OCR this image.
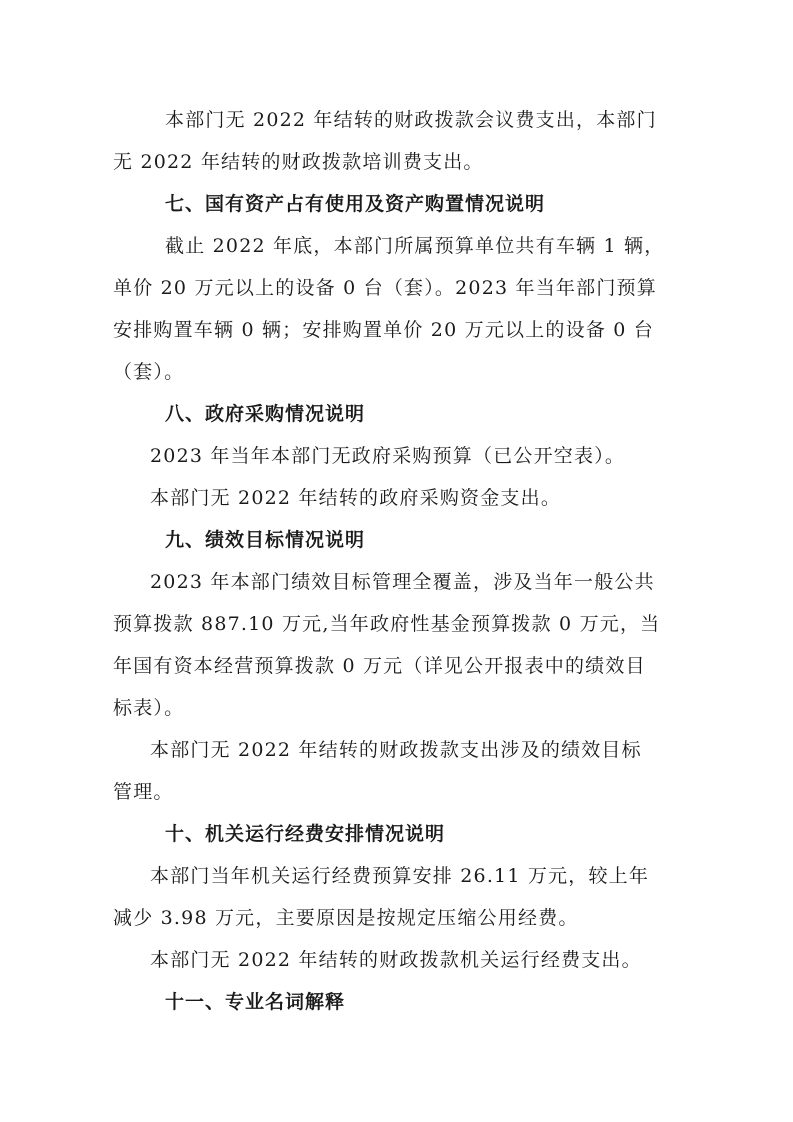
本部门无 2022 年结转的财政拨款会议费支出，本部门
无 2022 年结转的财政拨款培训费支出。
七、国有资产占有使用及资产购置情况说明
截止 2022 年底，本部门所属预算单位共有车辆 1 辆，
单价 20 万元以上的设备 0 台（套）。2023 年当年部门预算
安排购置车辆 0 辆；安排购置单价 20 万元以上的设备 0 台
（套）。
八、政府采购情况说明
2023 年当年本部门无政府采购预算（已公开空表）。
本部门无 2022 年结转的政府采购资金支出。
九、绩效目标情况说明
2023 年本部门绩效目标管理全覆盖，涉及当年一般公共
预算拨款 887.10 万元,当年政府性基金预算拨款 0 万元，当
年国有资本经营预算拨款 0 万元（详见公开报表中的绩效目
标表）。
本部门无 2022 年结转的财政拨款支出涉及的绩效目标
管理。
十、机关运行经费安排情况说明
本部门当年机关运行经费预算安排 26.11 万元，较上年
减少 3.98 万元，主要原因是按规定压缩公用经费。
本部门无 2022 年结转的财政拨款机关运行经费支出。
十一、专业名词解释
